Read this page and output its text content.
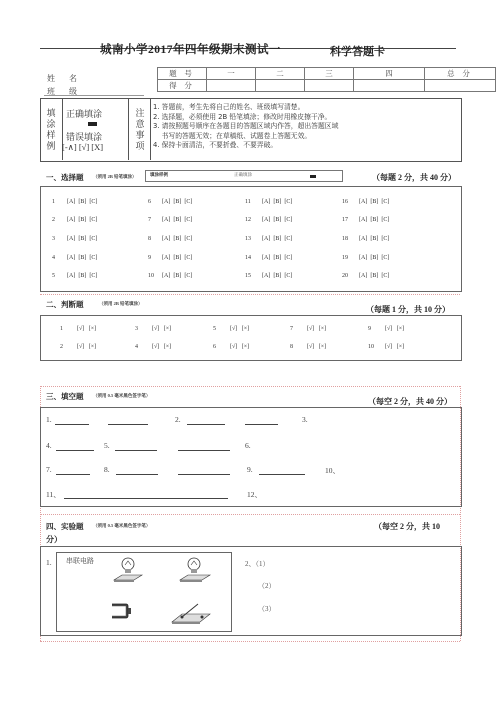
城南小学2017年四年级期末测试一	科学答题卡
姓 名
班 级
题 号	一	二	三	四	总 分
得 分					
填涂样例
正确填涂
错误填涂
[-∧] [√] [X]
注意事项
1. 答题前，考生先将自己的姓名、班级填写清楚。
2. 选择题，必须使用 2B 铅笔填涂；修改时用橡皮擦干净。
3. 请按照题号顺序在各题目的答题区域内作答，超出答题区域
书写的答题无效；在草稿纸、试题卷上答题无效。
4. 保持卡面清洁，不要折叠、不要弄破。
一、选择题 （须用 2B 铅笔填涂）	填涂样例	正确填涂	（每题 2 分，共 40 分）
1 [A]  [B]  [C]
2 [A]  [B]  [C]
3 [A]  [B]  [C]
4 [A]  [B]  [C]
5 [A]  [B]  [C]
6 [A]  [B]  [C]
7 [A]  [B]  [C]
8 [A]  [B]  [C]
9 [A]  [B]  [C]
10 [A]  [B]  [C]
11 [A]  [B]  [C]
12 [A]  [B]  [C]
13 [A]  [B]  [C]
14 [A]  [B]  [C]
15 [A]  [B]  [C]
16 [A]  [B]  [C]
17 [A]  [B]  [C]
18 [A]  [B]  [C]
19 [A]  [B]  [C]
20 [A]  [B]  [C]
二、判断题	（须用 2B 铅笔填涂）
（每题 1 分，共 10 分）
1 [√]   [×]	3 [√]   [×]	5 [√]   [×]	7 [√]   [×]	9 [√]   [×]
2 [√]   [×]	4 [√]   [×]	6 [√]   [×]	8 [√]   [×]	10 [√]   [×]
三、填空题 （须用 0.5 毫米黑色签字笔）
（每空 2 分，共 40 分）
1.	2.	3.
4.	5.	6.
7.	8.	9.	10、
11、	12、
四、实验题 （须用 0.5 毫米黑色签字笔）	（每空 2 分，共 10
分）
1. 串联电路	2、（1）
（2）
（3）
